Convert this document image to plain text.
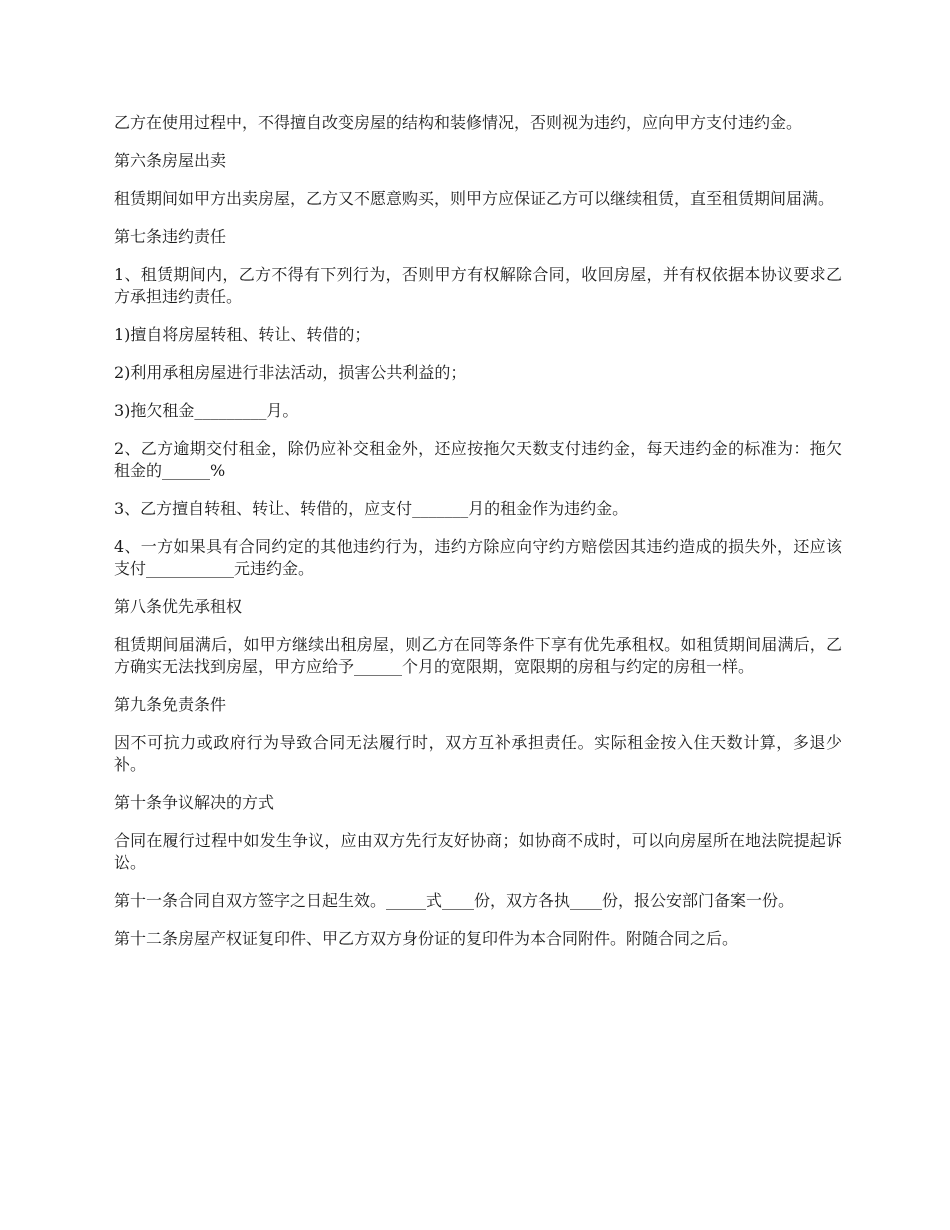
乙方在使用过程中，不得擅自改变房屋的结构和装修情况，否则视为违约，应向甲方支付违约金。

第六条房屋出卖

租赁期间如甲方出卖房屋，乙方又不愿意购买，则甲方应保证乙方可以继续租赁，直至租赁期间届满。

第七条违约责任

1、租赁期间内，乙方不得有下列行为，否则甲方有权解除合同，收回房屋，并有权依据本协议要求乙方承担违约责任。

1)擅自将房屋转租、转让、转借的；

2)利用承租房屋进行非法活动，损害公共利益的；

3)拖欠租金_________月。

2、乙方逾期交付租金，除仍应补交租金外，还应按拖欠天数支付违约金，每天违约金的标准为：拖欠租金的______%

3、乙方擅自转租、转让、转借的，应支付_______月的租金作为违约金。

4、一方如果具有合同约定的其他违约行为，违约方除应向守约方赔偿因其违约造成的损失外，还应该支付___________元违约金。

第八条优先承租权

租赁期间届满后，如甲方继续出租房屋，则乙方在同等条件下享有优先承租权。如租赁期间届满后，乙方确实无法找到房屋，甲方应给予______个月的宽限期，宽限期的房租与约定的房租一样。

第九条免责条件

因不可抗力或政府行为导致合同无法履行时，双方互补承担责任。实际租金按入住天数计算，多退少补。

第十条争议解决的方式

合同在履行过程中如发生争议，应由双方先行友好协商；如协商不成时，可以向房屋所在地法院提起诉讼。

第十一条合同自双方签字之日起生效。_____式____份，双方各执____份，报公安部门备案一份。

第十二条房屋产权证复印件、甲乙方双方身份证的复印件为本合同附件。附随合同之后。
